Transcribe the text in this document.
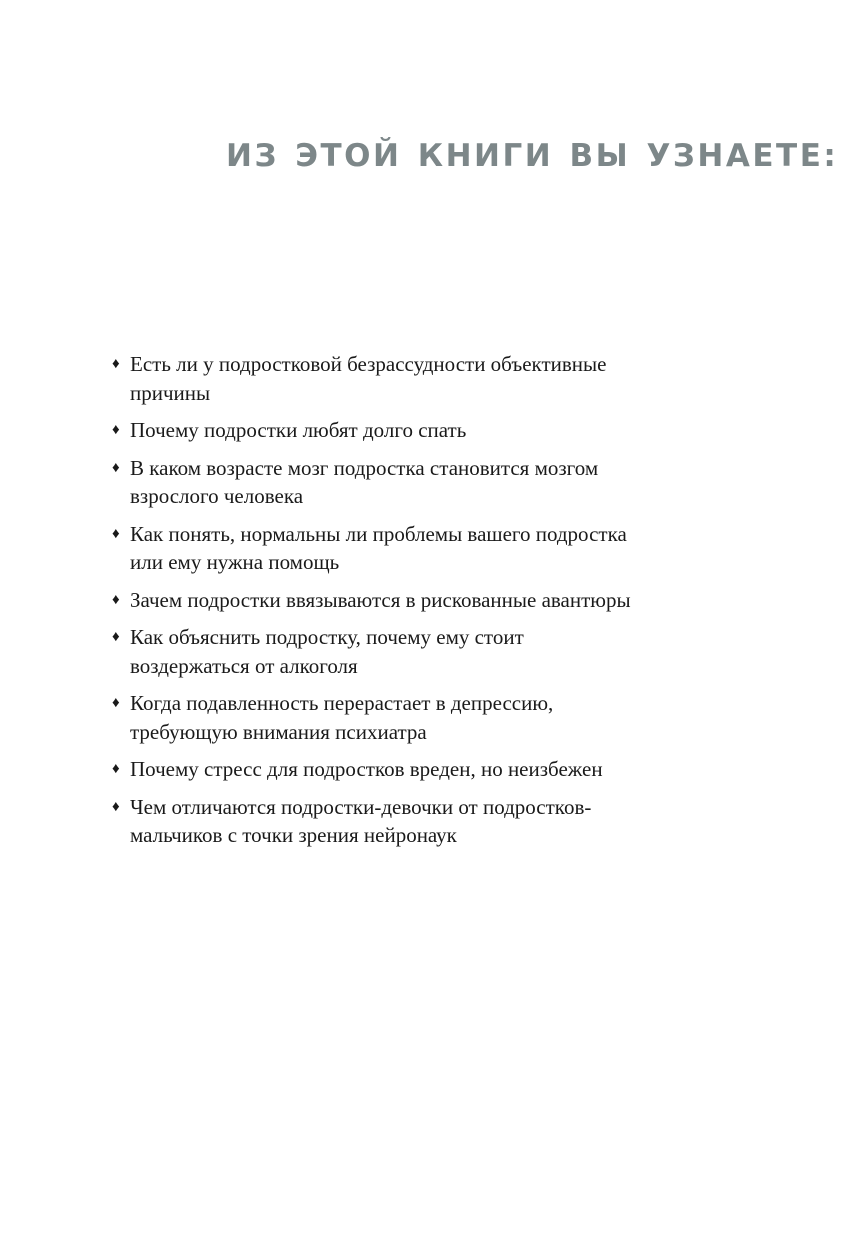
ИЗ ЭТОЙ КНИГИ ВЫ УЗНАЕТЕ:
♦ Есть ли у подростковой безрассудности объективные
причины
♦ Почему подростки любят долго спать
♦ В каком возрасте мозг подростка становится мозгом
взрослого человека
♦ Как понять, нормальны ли проблемы вашего подростка
или ему нужна помощь
♦ Зачем подростки ввязываются в рискованные авантюры
♦ Как объяснить подростку, почему ему стоит
воздержаться от алкоголя
♦ Когда подавленность перерастает в депрессию,
требующую внимания психиатра
♦ Почему стресс для подростков вреден, но неизбежен
♦ Чем отличаются подростки-девочки от подростков-
мальчиков с точки зрения нейронаук
